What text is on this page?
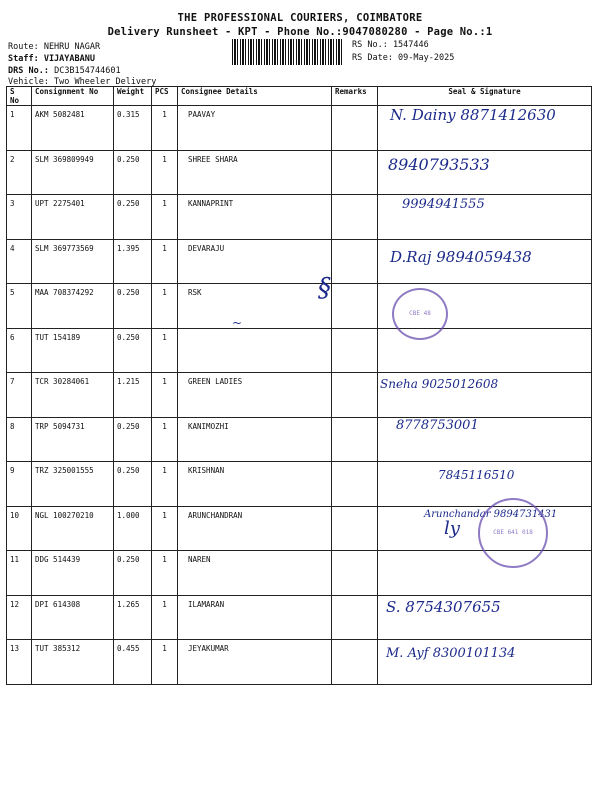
THE PROFESSIONAL COURIERS, COIMBATORE
Delivery Runsheet - KPT - Phone No.:9047080280 - Page No.:1
Route: NEHRU NAGAR
Staff: VIJAYABANU
DRS No.: DC3B154744601
Vehicle: Two Wheeler Delivery
RS No.: 1547446
RS Date: 09-May-2025
S No	Consignment No	Weight	PCS	Consignee Details	Remarks	Seal & Signature
1	AKM 5082481	0.315	1	PAAVAY		N. Dainy 8871412630

2	SLM 369809949	0.250	1	SHREE SHARA		8940793533

3	UPT 2275401	0.250	1	KANNAPRINT		9994941555

4	SLM 369773569	1.395	1	DEVARAJU		D.Raj 9894059438

5	MAA 708374292	0.250	1	RSK		

6	TUT 154189	0.250	1			

7	TCR 30284061	1.215	1	GREEN LADIES		Sneha 9025012608

8	TRP 5094731	0.250	1	KANIMOZHI		8778753001

9	TRZ 325001555	0.250	1	KRISHNAN		7845116510

10	NGL 100270210	1.000	1	ARUNCHANDRAN		Arunchandar 9894731431

11	DDG 514439	0.250	1	NAREN		

12	DPI 614308	1.265	1	ILAMARAN		S. 8754307655

13	TUT 385312	0.455	1	JEYAKUMAR		M. Ayf 8300101134
§
CBE 48
~
CBE 641 018
ly
